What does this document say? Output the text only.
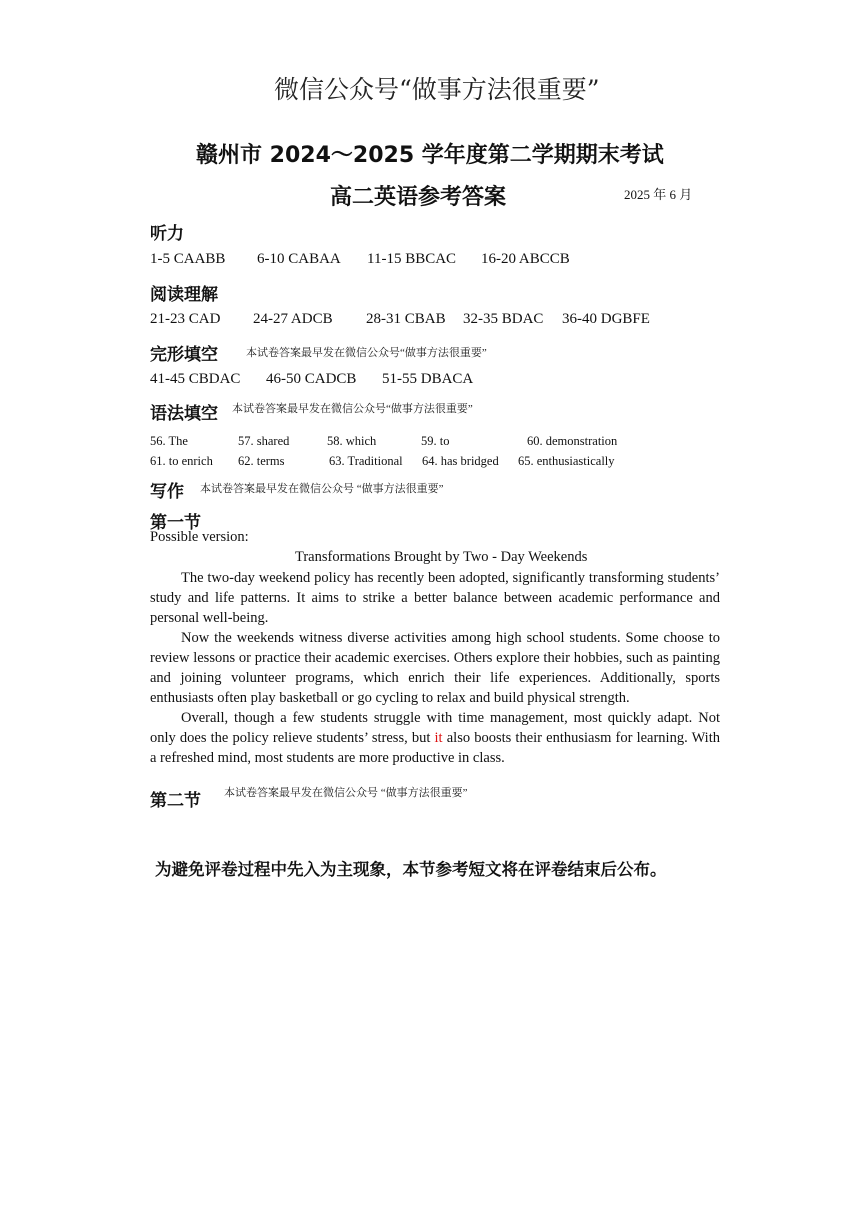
微信公众号“做事方法很重要”
赣州市 2024～2025 学年度第二学期期末考试
高二英语参考答案	2025 年 6 月
听力
1-5 CAABB 6-10 CABAA 11-15 BBCAC 16-20 ABCCB
阅读理解
21-23 CAD 24-27 ADCB 28-31 CBAB 32-35 BDAC 36-40 DGBFE
完形填空	本试卷答案最早发在微信公众号“做事方法很重要”
41-45 CBDAC 46-50 CADCB 51-55 DBACA
语法填空 本试卷答案最早发在微信公众号“做事方法很重要”
56. The	57. shared	58. which	59. to	60. demonstration
61. to enrich 62. terms	63. Traditional 64. has bridged 65. enthusiastically
写作 本试卷答案最早发在微信公众号 “做事方法很重要”
第一节
Possible version:
Transformations Brought by Two - Day Weekends

The two-day weekend policy has recently been adopted, significantly transforming students’ study and life patterns. It aims to strike a better balance between academic performance and personal well-being.

Now the weekends witness diverse activities among high school students. Some choose to review lessons or practice their academic exercises. Others explore their hobbies, such as painting and joining volunteer programs, which enrich their life experiences. Additionally, sports enthusiasts often play basketball or go cycling to relax and build physical strength.

Overall, though a few students struggle with time management, most quickly adapt. Not only does the policy relieve students’ stress, but it also boosts their enthusiasm for learning. With a refreshed mind, most students are more productive in class.

第二节 本试卷答案最早发在微信公众号 “做事方法很重要”
为避免评卷过程中先入为主现象，本节参考短文将在评卷结束后公布。
